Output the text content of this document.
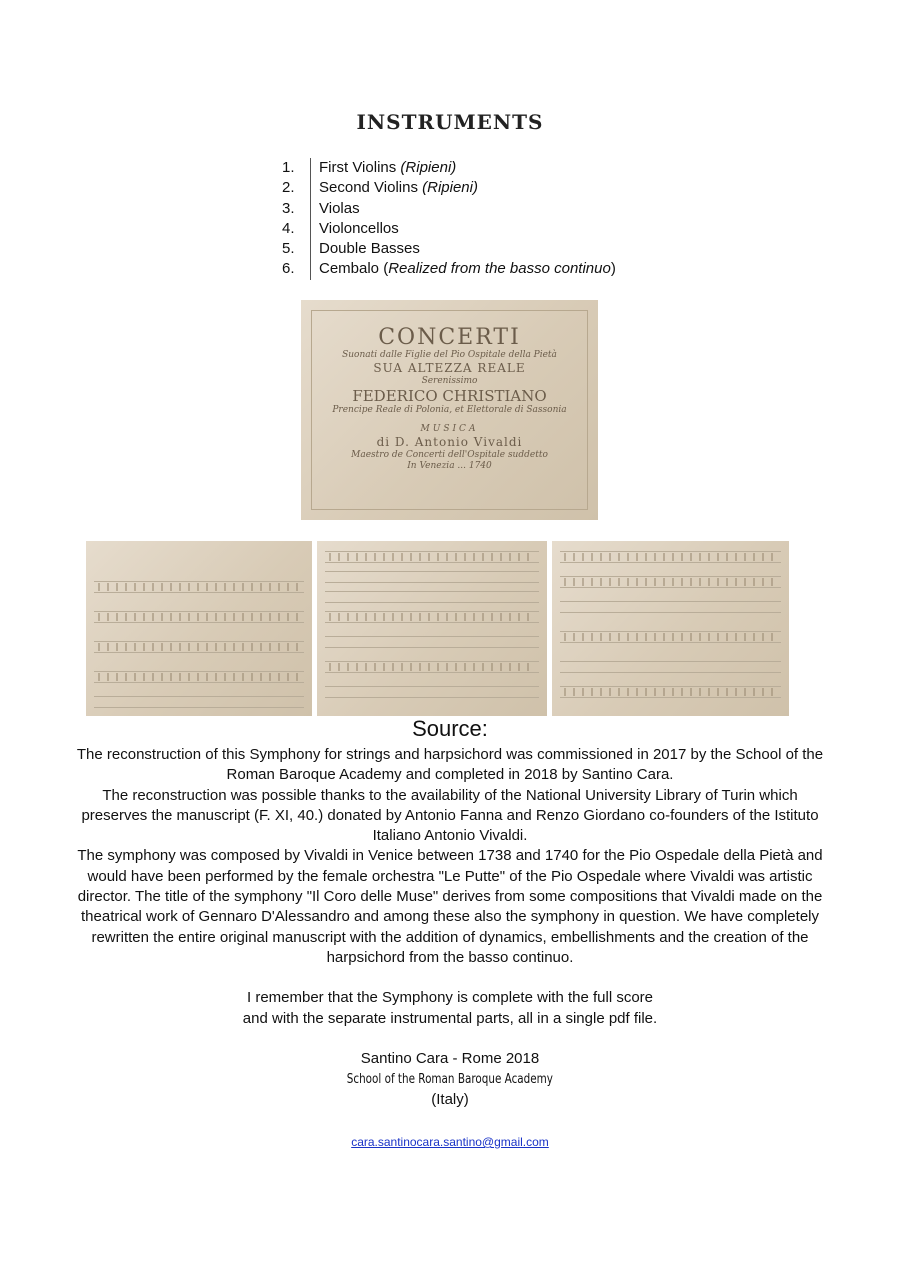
INSTRUMENTS
1.	First Violins (Ripieni)
2.	Second Violins (Ripieni)
3.	Violas
4.	Violoncellos
5.	Double Basses
6.	Cembalo (Realized from the basso continuo)
CONCERTI
Suonati dalle Figlie del Pio Ospitale della Pietà
SUA ALTEZZA REALE
Serenissimo
FEDERICO CHRISTIANO
Prencipe Reale di Polonia, et Elettorale di Sassonia
MUSICA
di D. Antonio Vivaldi
Maestro de Concerti dell'Ospitale suddetto
In Venezia ... 1740
Source:

The reconstruction of this Symphony for strings and harpsichord was commissioned in 2017 by the School of the Roman Baroque Academy and completed in 2018 by Santino Cara.

The reconstruction was possible thanks to the availability of the National University Library of Turin which preserves the manuscript (F. XI, 40.) donated by Antonio Fanna and Renzo Giordano co-founders of the Istituto Italiano Antonio Vivaldi.

The symphony was composed by Vivaldi in Venice between 1738 and 1740 for the Pio Ospedale della Pietà and would have been performed by the female orchestra "Le Putte" of the Pio Ospedale where Vivaldi was artistic director. The title of the symphony "Il Coro delle Muse" derives from some compositions that Vivaldi made on the theatrical work of Gennaro D'Alessandro and among these also the symphony in question. We have completely rewritten the entire original manuscript with the addition of dynamics, embellishments and the creation of the harpsichord from the basso continuo.

I remember that the Symphony is complete with the full score

and with the separate instrumental parts, all in a single pdf file.

Santino Cara - Rome 2018

School of the Roman Baroque Academy

(Italy)

cara.santinocara.santino@gmail.com
